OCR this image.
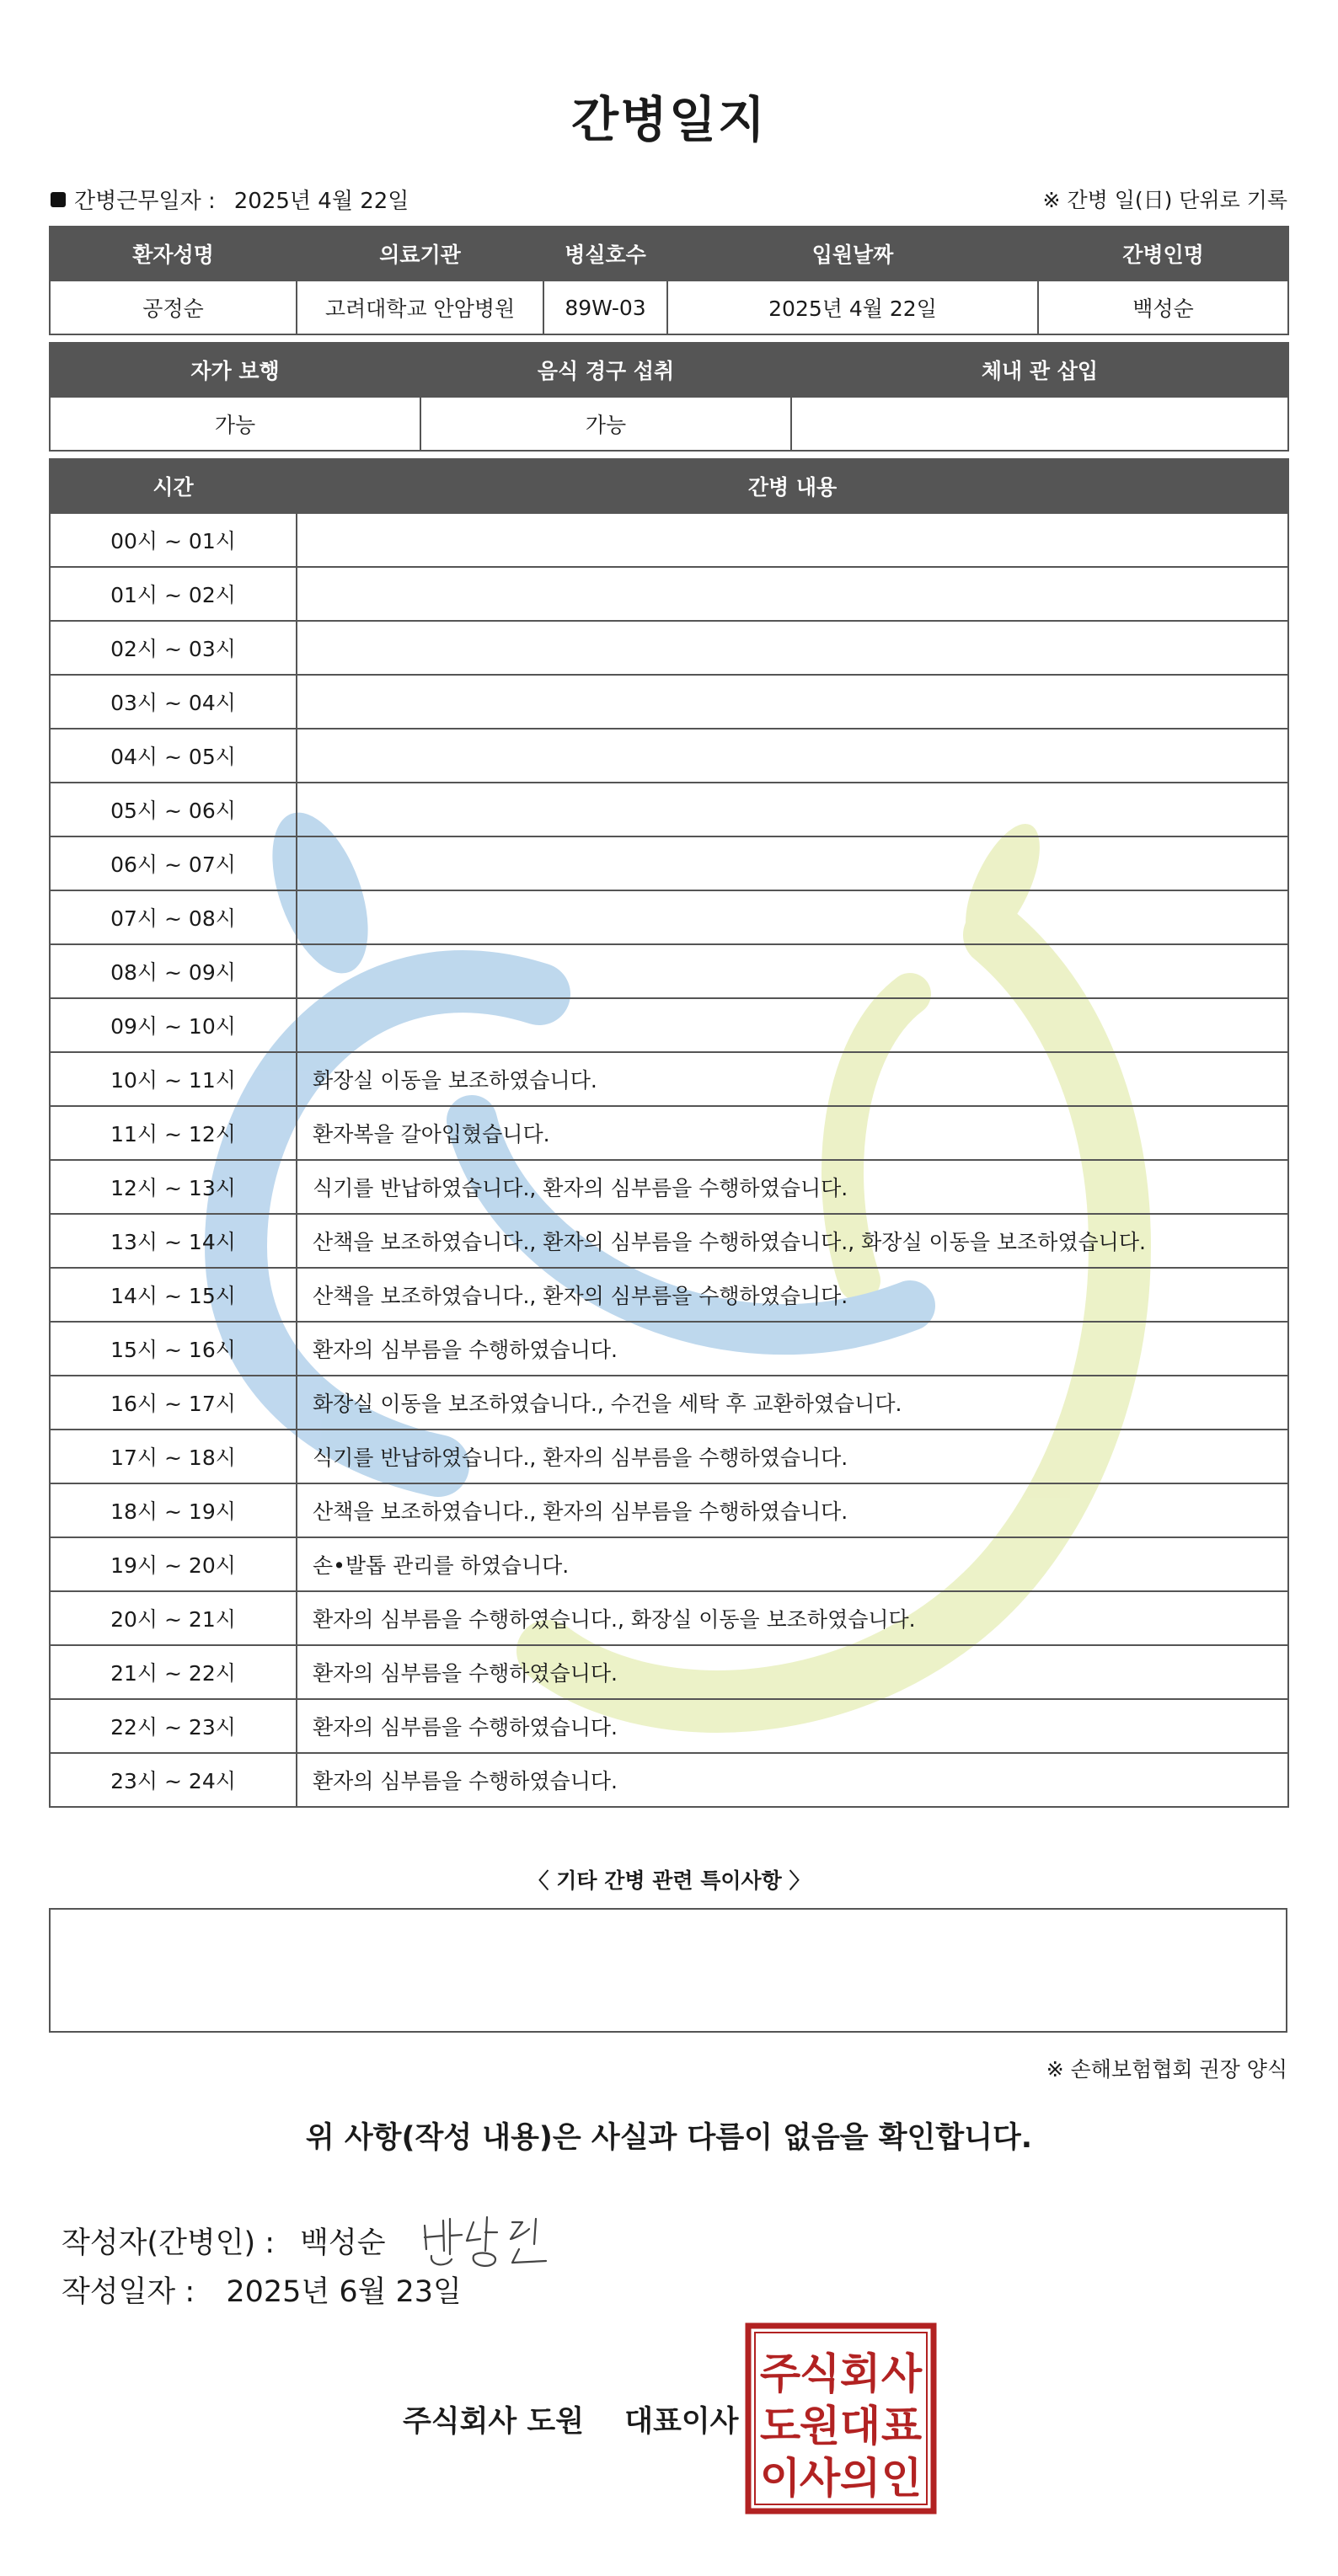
간병일지
간병근무일자 : 2025년 4월 22일	※ 간병 일(日) 단위로 기록
환자성명	의료기관	병실호수	입원날짜	간병인명
공정순	고려대학교 안암병원	89W-03	2025년 4월 22일	백성순
자가 보행	음식 경구 섭취	체내 관 삽입
가능	가능	
시간	간병 내용
00시 ~ 01시	
01시 ~ 02시	
02시 ~ 03시	
03시 ~ 04시	
04시 ~ 05시	
05시 ~ 06시	
06시 ~ 07시	
07시 ~ 08시	
08시 ~ 09시	
09시 ~ 10시	
10시 ~ 11시	화장실 이동을 보조하였습니다.
11시 ~ 12시	환자복을 갈아입혔습니다.
12시 ~ 13시	식기를 반납하였습니다., 환자의 심부름을 수행하였습니다.
13시 ~ 14시	산책을 보조하였습니다., 환자의 심부름을 수행하였습니다., 화장실 이동을 보조하였습니다.
14시 ~ 15시	산책을 보조하였습니다., 환자의 심부름을 수행하였습니다.
15시 ~ 16시	환자의 심부름을 수행하였습니다.
16시 ~ 17시	화장실 이동을 보조하였습니다., 수건을 세탁 후 교환하였습니다.
17시 ~ 18시	식기를 반납하였습니다., 환자의 심부름을 수행하였습니다.
18시 ~ 19시	산책을 보조하였습니다., 환자의 심부름을 수행하였습니다.
19시 ~ 20시	손•발톱 관리를 하였습니다.
20시 ~ 21시	환자의 심부름을 수행하였습니다., 화장실 이동을 보조하였습니다.
21시 ~ 22시	환자의 심부름을 수행하였습니다.
22시 ~ 23시	환자의 심부름을 수행하였습니다.
23시 ~ 24시	환자의 심부름을 수행하였습니다.
〈 기타 간병 관련 특이사항 〉
※ 손해보험협회 권장 양식
위 사항(작성 내용)은 사실과 다름이 없음을 확인합니다.
작성자(간병인) : 백성순
작성일자 : 2025년 6월 23일
주식회사 도원 대표이사
주
식 회 사
도
원 대 표
이
사 의 인
